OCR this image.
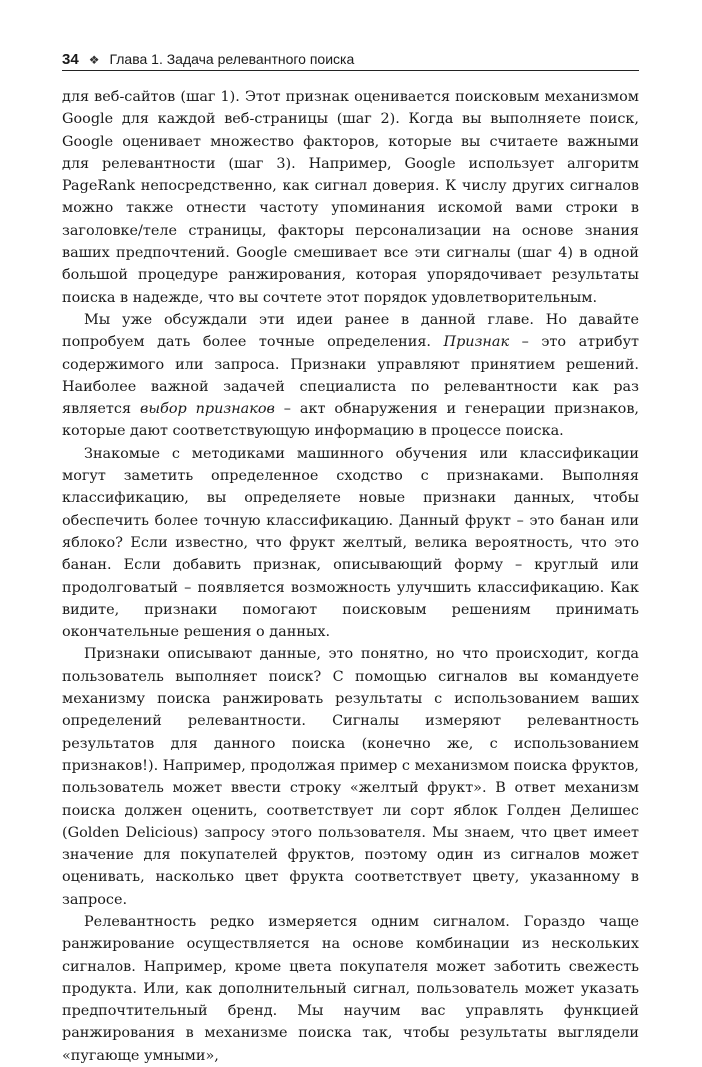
34 ❖ Глава 1. Задача релевантного поиска

для веб-сайтов (шаг 1). Этот признак оценивается поисковым механизмом Google для каждой веб-страницы (шаг 2). Когда вы выполняете поиск, Google оценивает множество факторов, которые вы считаете важными для релевантности (шаг 3). Например, Google использует алгоритм PageRank непосредственно, как сигнал доверия. К числу других сигналов можно также отнести частоту упоминания искомой вами строки в заголовке/теле страницы, факторы персонализации на основе знания ваших предпочтений. Google смешивает все эти сигналы (шаг 4) в одной большой процедуре ранжирования, которая упорядочивает результаты поиска в надежде, что вы сочтете этот порядок удовлетворительным.

Мы уже обсуждали эти идеи ранее в данной главе. Но давайте попробуем дать более точные определения. Признак – это атрибут содержимого или запроса. Признаки управляют принятием решений. Наиболее важной задачей специалиста по релевантности как раз является выбор признаков – акт обнаружения и генерации признаков, которые дают соответствующую информацию в процессе поиска.

Знакомые с методиками машинного обучения или классификации могут заметить определенное сходство с признаками. Выполняя классификацию, вы определяете новые признаки данных, чтобы обеспечить более точную классификацию. Данный фрукт – это банан или яблоко? Если известно, что фрукт желтый, велика вероятность, что это банан. Если добавить признак, описывающий форму – круглый или продолговатый – появляется возможность улучшить классификацию. Как видите, признаки помогают поисковым решениям принимать окончательные решения о данных.

Признаки описывают данные, это понятно, но что происходит, когда пользователь выполняет поиск? С помощью сигналов вы командуете механизму поиска ранжировать результаты с использованием ваших определений релевантности. Сигналы измеряют релевантность результатов для данного поиска (конечно же, с использованием признаков!). Например, продолжая пример с механизмом поиска фруктов, пользователь может ввести строку «желтый фрукт». В ответ механизм поиска должен оценить, соответствует ли сорт яблок Голден Делишес (Golden Delicious) запросу этого пользователя. Мы знаем, что цвет имеет значение для покупателей фруктов, поэтому один из сигналов может оценивать, насколько цвет фрукта соответствует цвету, указанному в запросе.

Релевантность редко измеряется одним сигналом. Гораздо чаще ранжирование осуществляется на основе комбинации из нескольких сигналов. Например, кроме цвета покупателя может заботить свежесть продукта. Или, как дополнительный сигнал, пользователь может указать предпочтительный бренд. Мы научим вас управлять функцией ранжирования в механизме поиска так, чтобы результаты выглядели «пугающе умными»,
